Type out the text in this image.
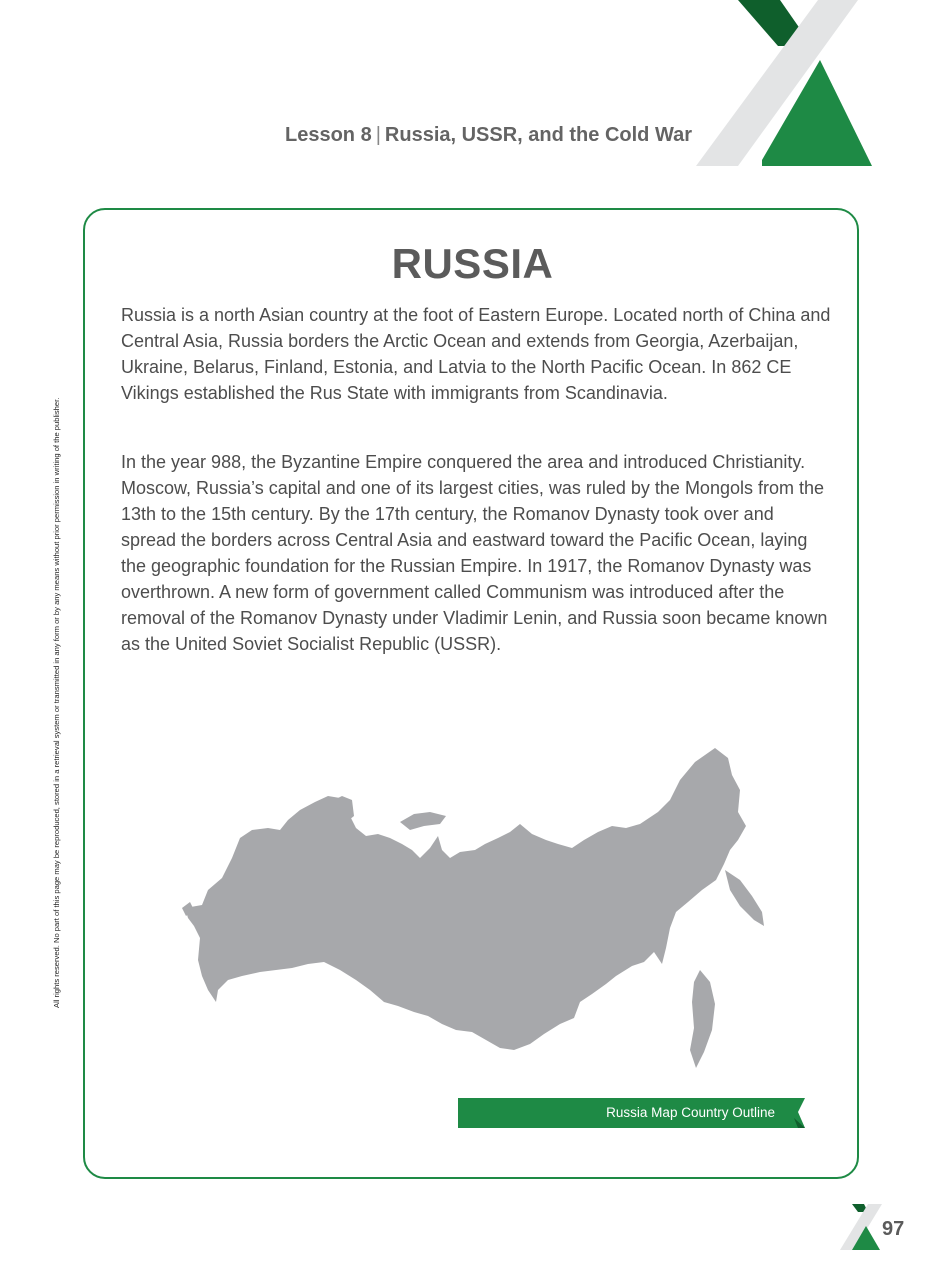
Lesson 8 | Russia, USSR, and the Cold War
All rights reserved. No part of this page may be reproduced, stored in a retrieval system or transmitted in any form or by any means without prior permission in writing of the publisher.
RUSSIA

Russia is a north Asian country at the foot of Eastern Europe. Located north of China and Central Asia, Russia borders the Arctic Ocean and extends from Georgia, Azerbaijan, Ukraine, Belarus, Finland, Estonia, and Latvia to the North Pacific Ocean. In 862 CE Vikings established the Rus State with immigrants from Scandinavia.

In the year 988, the Byzantine Empire conquered the area and introduced Christianity. Moscow, Russia’s capital and one of its largest cities, was ruled by the Mongols from the 13th to the 15th century. By the 17th century, the Romanov Dynasty took over and spread the borders across Central Asia and eastward toward the Pacific Ocean, laying the geographic foundation for the Russian Empire. In 1917, the Romanov Dynasty was overthrown. A new form of government called Communism was introduced after the removal of the Romanov Dynasty under Vladimir Lenin, and Russia soon became known as the United Soviet Socialist Republic (USSR).

Russia Map Country Outline
97
